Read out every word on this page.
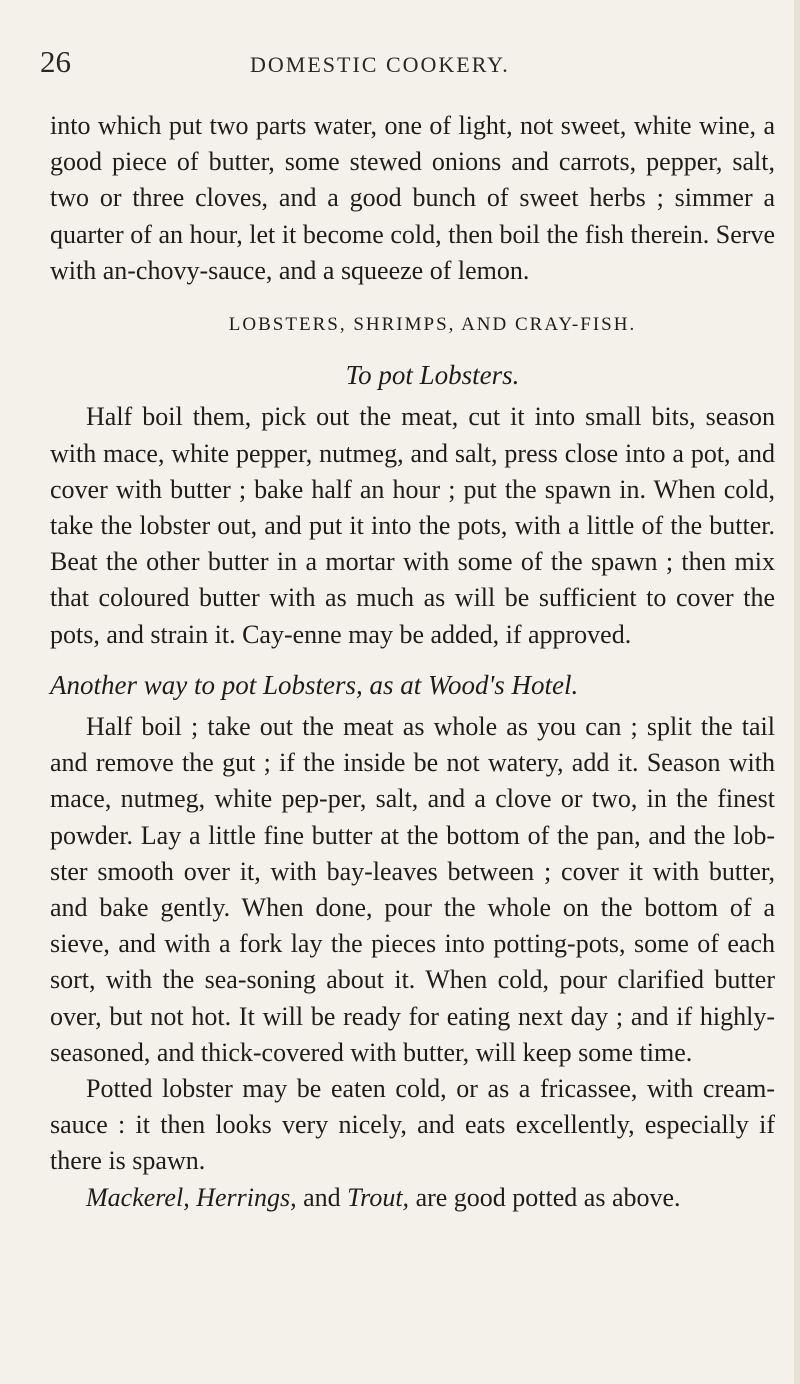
26	DOMESTIC COOKERY.

into which put two parts water, one of light, not sweet, white wine, a good piece of butter, some stewed onions and carrots, pepper, salt, two or three cloves, and a good bunch of sweet herbs ; simmer a quarter of an hour, let it become cold, then boil the fish therein. Serve with an-chovy-sauce, and a squeeze of lemon.

LOBSTERS, SHRIMPS, AND CRAY-FISH.
To pot Lobsters.

Half boil them, pick out the meat, cut it into small bits, season with mace, white pepper, nutmeg, and salt, press close into a pot, and cover with butter ; bake half an hour ; put the spawn in. When cold, take the lobster out, and put it into the pots, with a little of the butter. Beat the other butter in a mortar with some of the spawn ; then mix that coloured butter with as much as will be sufficient to cover the pots, and strain it. Cay-enne may be added, if approved.

Another way to pot Lobsters, as at Wood's Hotel.

Half boil ; take out the meat as whole as you can ; split the tail and remove the gut ; if the inside be not watery, add it. Season with mace, nutmeg, white pep-per, salt, and a clove or two, in the finest powder. Lay a little fine butter at the bottom of the pan, and the lob-ster smooth over it, with bay-leaves between ; cover it with butter, and bake gently. When done, pour the whole on the bottom of a sieve, and with a fork lay the pieces into potting-pots, some of each sort, with the sea-soning about it. When cold, pour clarified butter over, but not hot. It will be ready for eating next day ; and if highly-seasoned, and thick-covered with butter, will keep some time.

Potted lobster may be eaten cold, or as a fricassee, with cream-sauce : it then looks very nicely, and eats excellently, especially if there is spawn.

Mackerel, Herrings, and Trout, are good potted as above.
